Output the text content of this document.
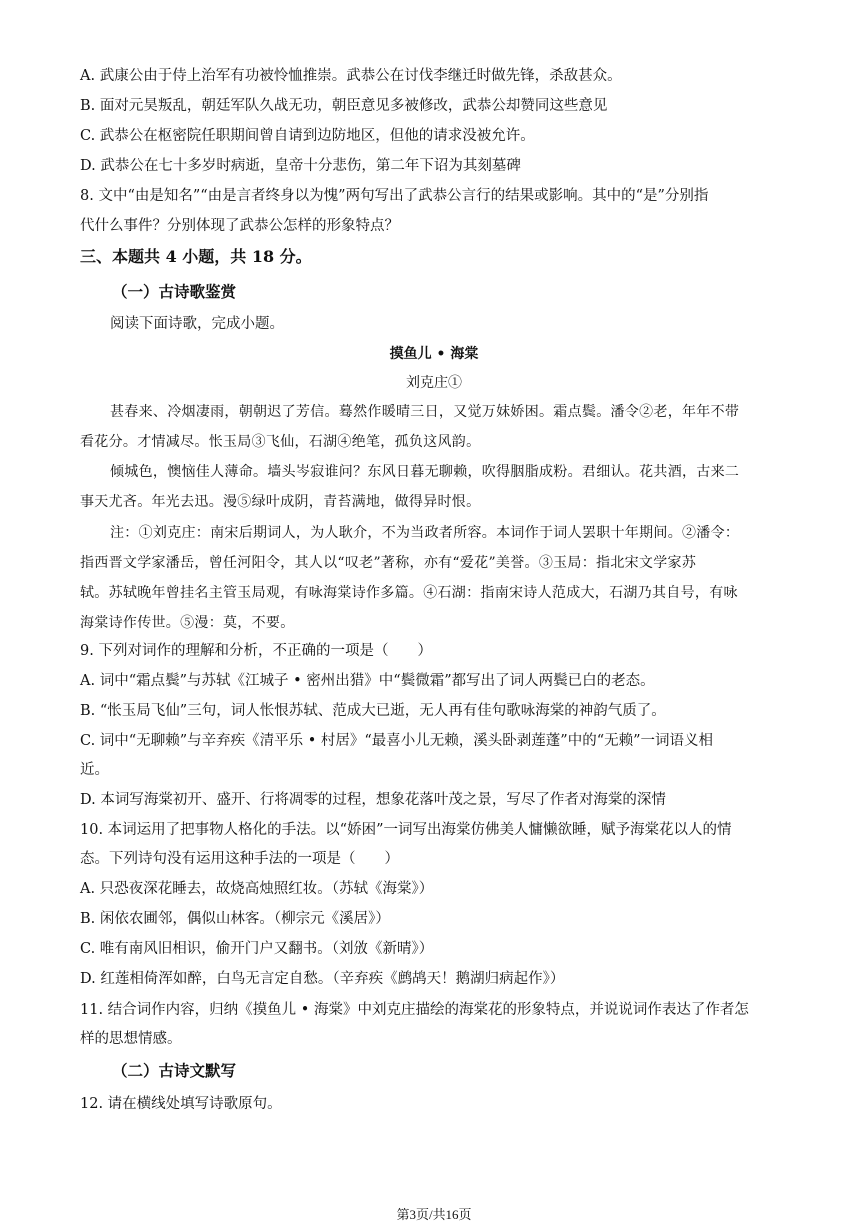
A. 武康公由于侍上治军有功被怜恤推崇。武恭公在讨伐李继迁时做先锋，杀敌甚众。
B. 面对元昊叛乱，朝廷军队久战无功，朝臣意见多被修改，武恭公却赞同这些意见
C. 武恭公在枢密院任职期间曾自请到边防地区，但他的请求没被允许。
D. 武恭公在七十多岁时病逝，皇帝十分悲伤，第二年下诏为其刻墓碑
8. 文中“由是知名”“由是言者终身以为愧”两句写出了武恭公言行的结果或影响。其中的“是”分别指
代什么事件？分别体现了武恭公怎样的形象特点？
三、本题共 4 小题，共 18 分。
（一）古诗歌鉴赏
阅读下面诗歌，完成小题。
摸鱼儿 • 海棠
刘克庄①
甚春来、冷烟凄雨，朝朝迟了芳信。蓦然作暖晴三日，又觉万妹娇困。霜点鬓。潘令②老，年年不带
看花分。才情减尽。怅玉局③飞仙，石湖④绝笔，孤负这风韵。
倾城色，懊恼佳人薄命。墙头岑寂谁问？东风日暮无聊赖，吹得胭脂成粉。君细认。花共酒，古来二
事天尤吝。年光去迅。漫⑤绿叶成阴，青苔满地，做得异时恨。
注：①刘克庄：南宋后期词人，为人耿介，不为当政者所容。本词作于词人罢职十年期间。②潘令：
指西晋文学家潘岳，曾任河阳令，其人以“叹老”著称，亦有“爱花”美誉。③玉局：指北宋文学家苏
轼。苏轼晚年曾挂名主管玉局观，有咏海棠诗作多篇。④石湖：指南宋诗人范成大，石湖乃其自号，有咏
海棠诗作传世。⑤漫：莫，不要。
9. 下列对词作的理解和分析，不正确的一项是（　　）
A. 词中“霜点鬓”与苏轼《江城子 • 密州出猎》中“鬓微霜”都写出了词人两鬓已白的老态。
B. “怅玉局飞仙”三句，词人怅恨苏轼、范成大已逝，无人再有佳句歌咏海棠的神韵气质了。
C. 词中“无聊赖”与辛弃疾《清平乐 • 村居》“最喜小儿无赖，溪头卧剥莲蓬”中的“无赖”一词语义相
近。
D. 本词写海棠初开、盛开、行将凋零的过程，想象花落叶茂之景，写尽了作者对海棠的深情
10. 本词运用了把事物人格化的手法。以“娇困”一词写出海棠仿佛美人慵懒欲睡，赋予海棠花以人的情
态。下列诗句没有运用这种手法的一项是（　　）
A. 只恐夜深花睡去，故烧高烛照红妆。（苏轼《海棠》）
B. 闲依农圃邻，偶似山林客。（柳宗元《溪居》）
C. 唯有南风旧相识，偷开门户又翻书。（刘攽《新晴》）
D. 红莲相倚浑如醉，白鸟无言定自愁。（辛弃疾《鹧鸪天！鹅湖归病起作》）
11. 结合词作内容，归纳《摸鱼儿 • 海棠》中刘克庄描绘的海棠花的形象特点，并说说词作表达了作者怎
样的思想情感。
（二）古诗文默写
12. 请在横线处填写诗歌原句。
第3页/共16页
